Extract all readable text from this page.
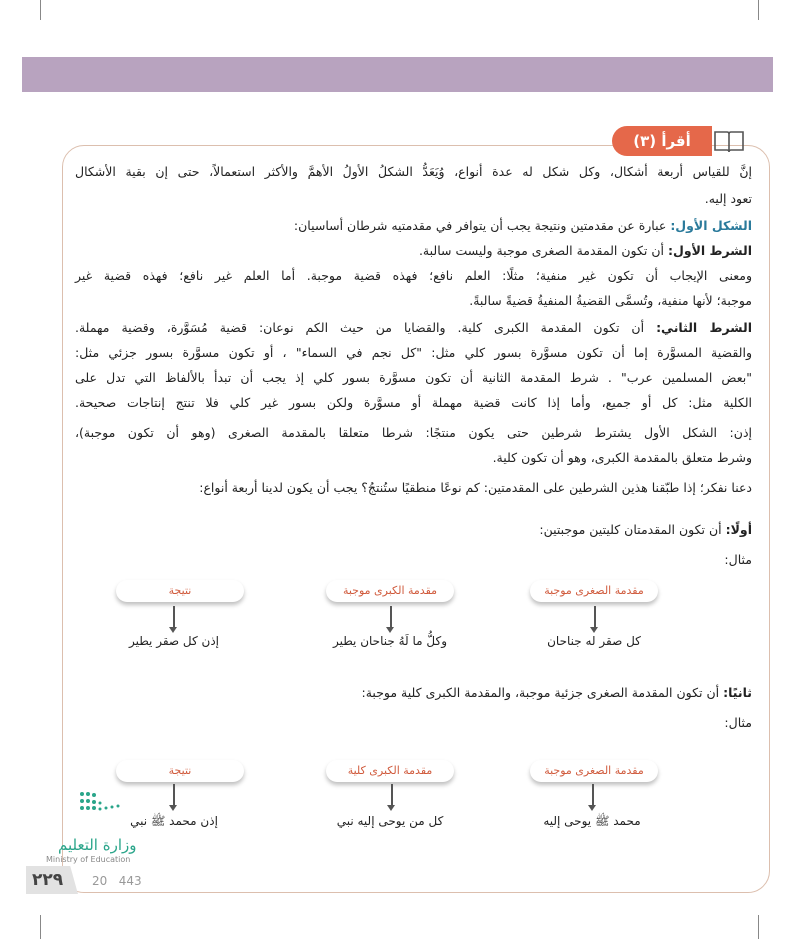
أقرأ (٣)
إنَّ للقياس أربعة أشكال، وكل شكل له عدة أنواع، وُيَعَدُّ الشكلُ الأولُ الأهمَّ والأكثر استعمالاً، حتى إن بقية الأشكال
تعود إليه.
الشكل الأول: عبارة عن مقدمتين ونتيجة يجب أن يتوافر في مقدمتيه شرطان أساسيان:
الشرط الأول: أن تكون المقدمة الصغرى موجبة وليست سالبة.
ومعنى الإيجاب أن تكون غير منفية؛ مثلًا: العلم نافع؛ فهذه قضية موجبة. أما العلم غير نافع؛ فهذه قضية غير
موجبة؛ لأنها منفية، وتُسمَّى القضيةُ المنفيةُ قضيةً سالبةً.
الشرط الثاني: أن تكون المقدمة الكبرى كلية. والقضايا من حيث الكم نوعان: قضية مُسَوَّرة، وقضية مهملة.
والقضية المسوَّرة إما أن تكون مسوَّرة بسور كلي مثل: "كل نجم في السماء" ، أو تكون مسوَّرة بسور جزئي مثل:
"بعض المسلمين عرب" . شرط المقدمة الثانية أن تكون مسوَّرة بسور كلي إذ يجب أن تبدأ بالألفاظ التي تدل على
الكلية مثل: كل أو جميع، وأما إذا كانت قضية مهملة أو مسوَّرة ولكن بسور غير كلي فلا تنتج إنتاجات صحيحة.
إذن: الشكل الأول يشترط شرطين حتى يكون منتجًا: شرطا متعلقا بالمقدمة الصغرى (وهو أن تكون موجبة)،
وشرط متعلق بالمقدمة الكبرى، وهو أن تكون كلية.
دعنا نفكر؛ إذا طبّقنا هذين الشرطين على المقدمتين: كم نوعًا منطقيًا ستُنتجُ؟ يجب أن يكون لدينا أربعة أنواع:
أولًا: أن تكون المقدمتان كليتين موجبتين:
مثال:
مقدمة الصغرى موجبة
كل صقر له جناحان
مقدمة الكبرى موجبة
وكلُّ ما لَهُ جناحان يطير
نتيجة
إذن كل صقر يطير
ثانيًا: أن تكون المقدمة الصغرى جزئية موجبة، والمقدمة الكبرى كلية موجبة:
مثال:
مقدمة الصغرى موجبة
محمد ﷺ يوحى إليه
مقدمة الكبرى كلية
كل من يوحى إليه نبي
نتيجة
إذن محمد ﷺ نبي
وزارة التعليم
Ministry of Education
٢٢٩ 20   443
